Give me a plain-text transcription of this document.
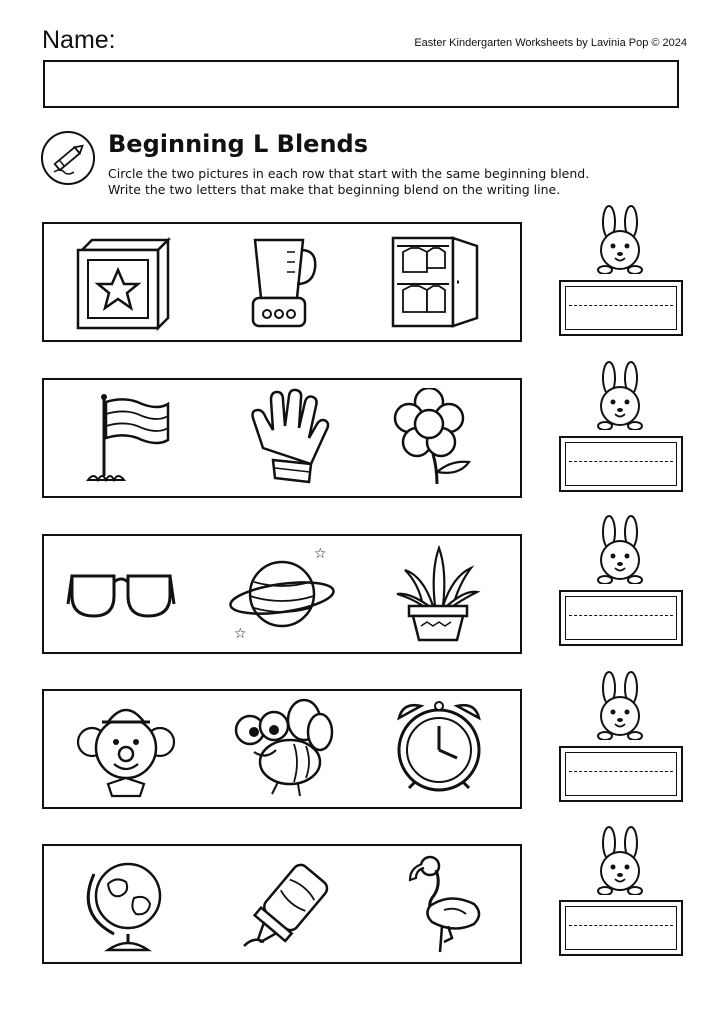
Name:	Easter Kindergarten Worksheets by Lavinia Pop © 2024
Beginning L Blends
Circle the two pictures in each row that start with the same beginning blend.
Write the two letters that make that beginning blend on the writing line.
☆
☆
